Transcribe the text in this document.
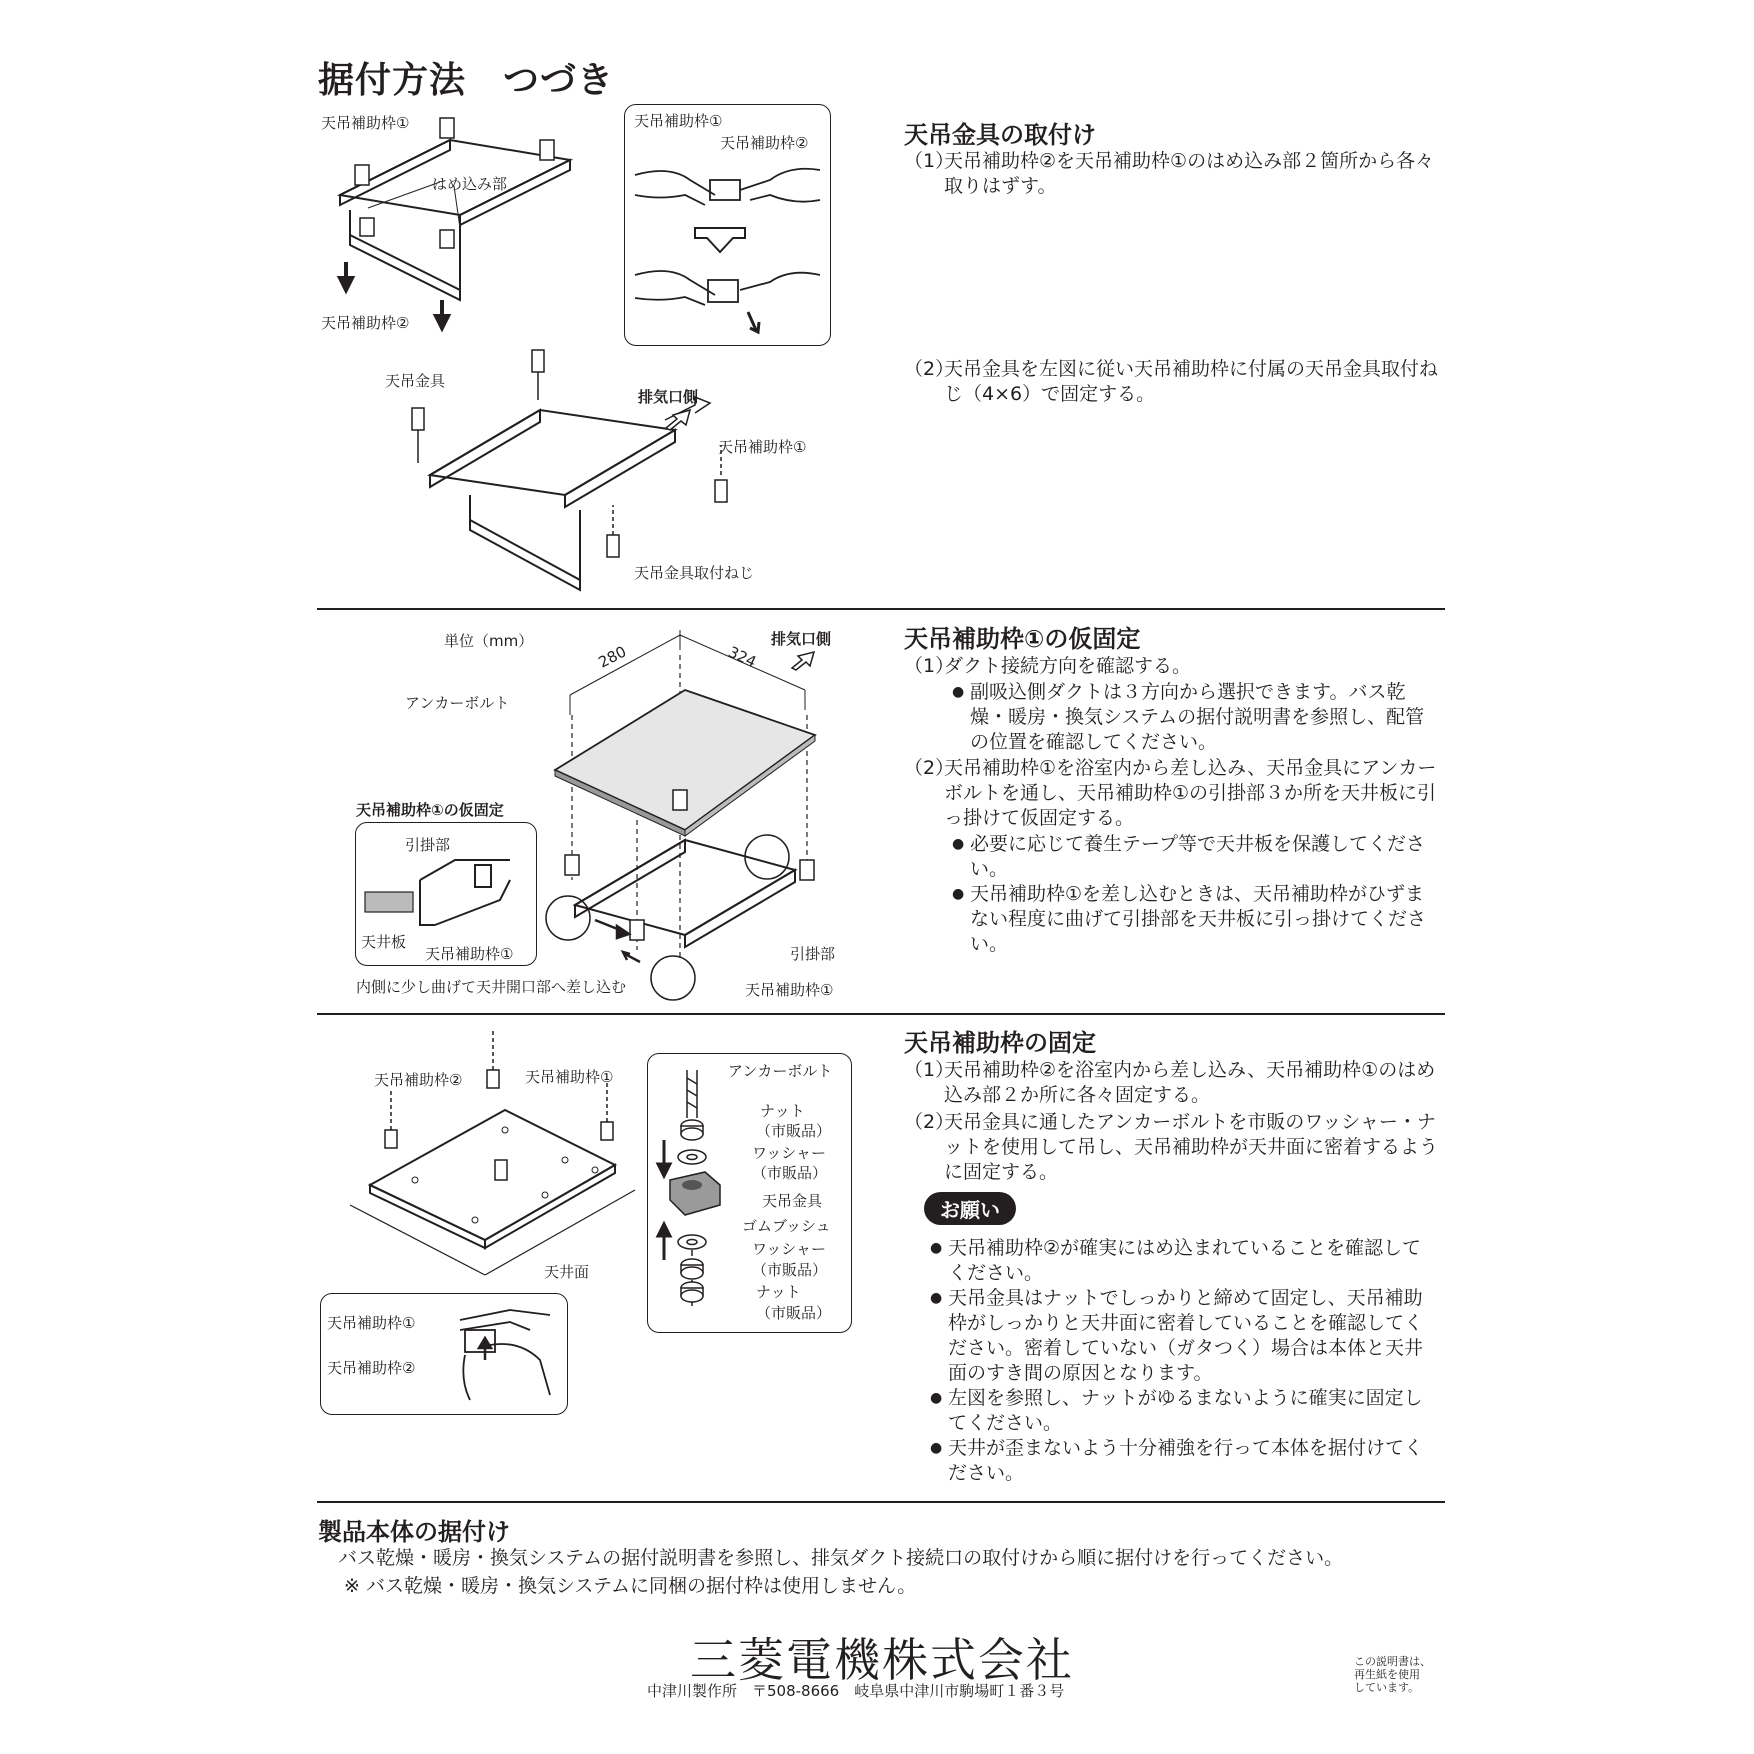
据付方法　つづき
天吊金具の取付け
（1）
天吊補助枠②を天吊補助枠①のはめ込み部２箇所から各々取りはずす。
（2）
天吊金具を左図に従い天吊補助枠に付属の天吊金具取付ねじ（4×6）で固定する。
天吊補助枠①
はめ込み部
天吊補助枠②
天吊補助枠①
天吊補助枠②
天吊金具
排気口側
天吊補助枠①
天吊金具取付ねじ
天吊補助枠①の仮固定
（1）
ダクト接続方向を確認する。
● 副吸込側ダクトは３方向から選択できます。バス乾燥・暖房・換気システムの据付説明書を参照し、配管の位置を確認してください。
（2）
天吊補助枠①を浴室内から差し込み、天吊金具にアンカーボルトを通し、天吊補助枠①の引掛部３か所を天井板に引っ掛けて仮固定する。
● 必要に応じて養生テープ等で天井板を保護してください。
● 天吊補助枠①を差し込むときは、天吊補助枠がひずまない程度に曲げて引掛部を天井板に引っ掛けてください。
単位（mm）
280	324
排気口側
アンカーボルト
天吊補助枠①の仮固定
引掛部
天井板
天吊補助枠①	引掛部
天吊補助枠①
内側に少し曲げて天井開口部へ差し込む
天吊補助枠の固定
（1）
天吊補助枠②を浴室内から差し込み、天吊補助枠①のはめ込み部２か所に各々固定する。
（2）
天吊金具に通したアンカーボルトを市販のワッシャー・ナットを使用して吊し、天吊補助枠が天井面に密着するように固定する。
お願い
● 天吊補助枠②が確実にはめ込まれていることを確認してください。
● 天吊金具はナットでしっかりと締めて固定し、天吊補助枠がしっかりと天井面に密着していることを確認してください。密着していない（ガタつく）場合は本体と天井面のすき間の原因となります。
● 左図を参照し、ナットがゆるまないように確実に固定してください。
● 天井が歪まないよう十分補強を行って本体を据付けてください。
天吊補助枠②	天吊補助枠①
天井面
天吊補助枠①
天吊補助枠②
アンカーボルト
ナット
（市販品）
ワッシャー
（市販品）
天吊金具
ゴムブッシュ
ワッシャー
（市販品）
ナット
（市販品）
製品本体の据付け
バス乾燥・暖房・換気システムの据付説明書を参照し、排気ダクト接続口の取付けから順に据付けを行ってください。
※ バス乾燥・暖房・換気システムに同梱の据付枠は使用しません。
三菱電機株式会社
中津川製作所　〒508-8666　岐阜県中津川市駒場町１番３号
この説明書は、
再生紙を使用
しています。
